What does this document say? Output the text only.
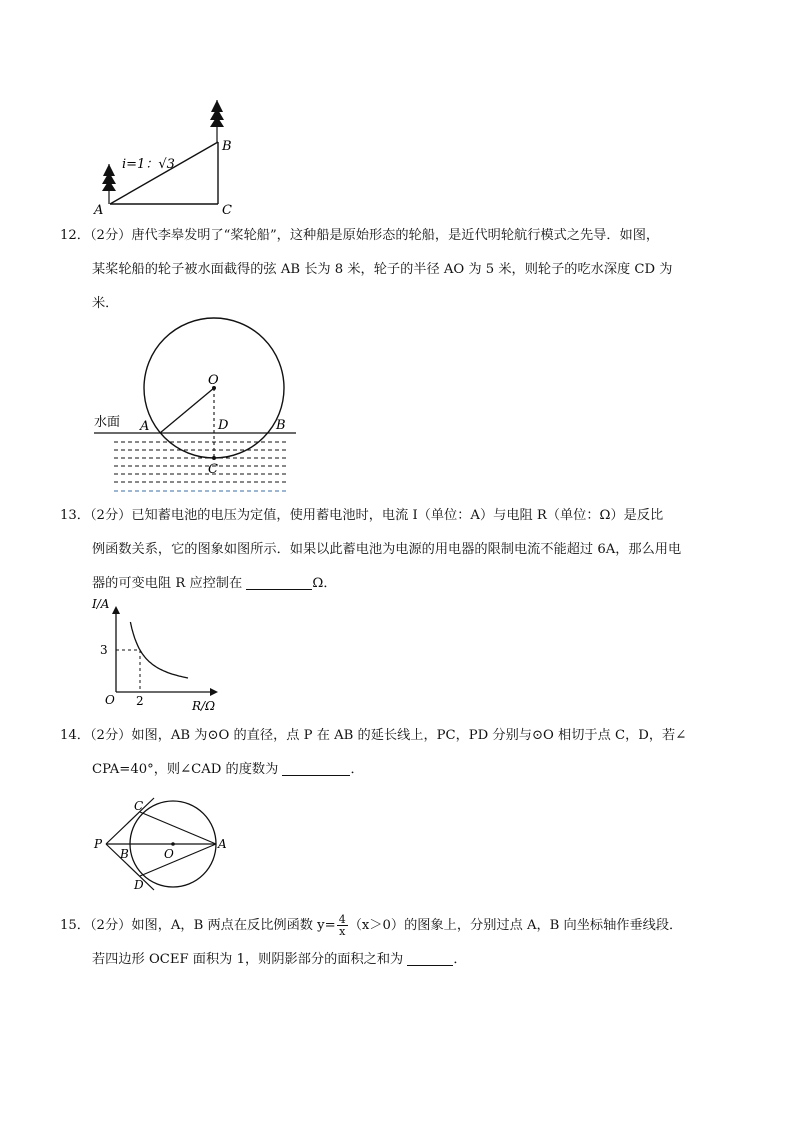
i=1：√3
A
B
C
12．（2分）唐代李皋发明了“桨轮船”，这种船是原始形态的轮船，是近代明轮航行模式之先导．如图，
某桨轮船的轮子被水面截得的弦 AB 长为 8 米，轮子的半径 AO 为 5 米，则轮子的吃水深度 CD 为
米．
水面
O
A	D	B
C
13．（2分）已知蓄电池的电压为定值，使用蓄电池时，电流 I（单位：A）与电阻 R（单位：Ω）是反比
例函数关系，它的图象如图所示．如果以此蓄电池为电源的用电器的限制电流不能超过 6A，那么用电
器的可变电阻 R 应控制在	Ω．
I/A
R/Ω
O 2
3
14．（2分）如图，AB 为⊙O 的直径，点 P 在 AB 的延长线上，PC，PD 分别与⊙O 相切于点 C，D，若∠
CPA=40°，则∠CAD 的度数为	．
P
C
B	O
A
D
15．（2分）如图，A，B 两点在反比例函数 $y= \frac{4}{x} (x>0)$的图象上，分别过点 A，B 向坐标轴作垂线段．
若四边形 OCEF 面积为 1，则阴影部分的面积之和为	．
